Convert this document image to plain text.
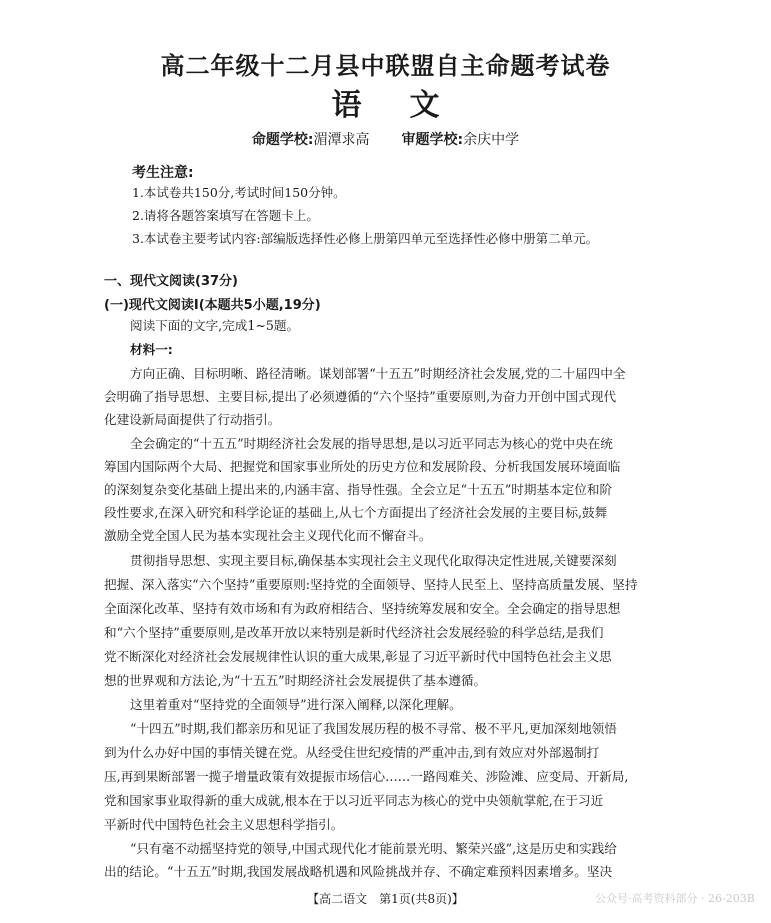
高二年级十二月县中联盟自主命题考试卷
语 文
命题学校:湄潭求高 审题学校:余庆中学
考生注意:
1.本试卷共150分,考试时间150分钟。
2.请将各题答案填写在答题卡上。
3.本试卷主要考试内容:部编版选择性必修上册第四单元至选择性必修中册第二单元。
一、现代文阅读(37分)
(一)现代文阅读Ⅰ(本题共5小题,19分)
阅读下面的文字,完成1~5题。
材料一:
方向正确、目标明晰、路径清晰。谋划部署“十五五”时期经济社会发展,党的二十届四中全
会明确了指导思想、主要目标,提出了必须遵循的“六个坚持”重要原则,为奋力开创中国式现代
化建设新局面提供了行动指引。
全会确定的“十五五”时期经济社会发展的指导思想,是以习近平同志为核心的党中央在统
筹国内国际两个大局、把握党和国家事业所处的历史方位和发展阶段、分析我国发展环境面临
的深刻复杂变化基础上提出来的,内涵丰富、指导性强。全会立足“十五五”时期基本定位和阶
段性要求,在深入研究和科学论证的基础上,从七个方面提出了经济社会发展的主要目标,鼓舞
激励全党全国人民为基本实现社会主义现代化而不懈奋斗。
贯彻指导思想、实现主要目标,确保基本实现社会主义现代化取得决定性进展,关键要深刻
把握、深入落实“六个坚持”重要原则:坚持党的全面领导、坚持人民至上、坚持高质量发展、坚持
全面深化改革、坚持有效市场和有为政府相结合、坚持统筹发展和安全。全会确定的指导思想
和“六个坚持”重要原则,是改革开放以来特别是新时代经济社会发展经验的科学总结,是我们
党不断深化对经济社会发展规律性认识的重大成果,彰显了习近平新时代中国特色社会主义思
想的世界观和方法论,为“十五五”时期经济社会发展提供了基本遵循。
这里着重对“坚持党的全面领导”进行深入阐释,以深化理解。
“十四五”时期,我们都亲历和见证了我国发展历程的极不寻常、极不平凡,更加深刻地领悟
到为什么办好中国的事情关键在党。从经受住世纪疫情的严重冲击,到有效应对外部遏制打
压,再到果断部署一揽子增量政策有效提振市场信心……一路闯难关、涉险滩、应变局、开新局,
党和国家事业取得新的重大成就,根本在于以习近平同志为核心的党中央领航掌舵,在于习近
平新时代中国特色社会主义思想科学指引。
“只有毫不动摇坚持党的领导,中国式现代化才能前景光明、繁荣兴盛”,这是历史和实践给
出的结论。“十五五”时期,我国发展战略机遇和风险挑战并存、不确定难预料因素增多。坚决
【高二语文　第1页(共8页)】	公众号·高考资料部分 · 26-203B
